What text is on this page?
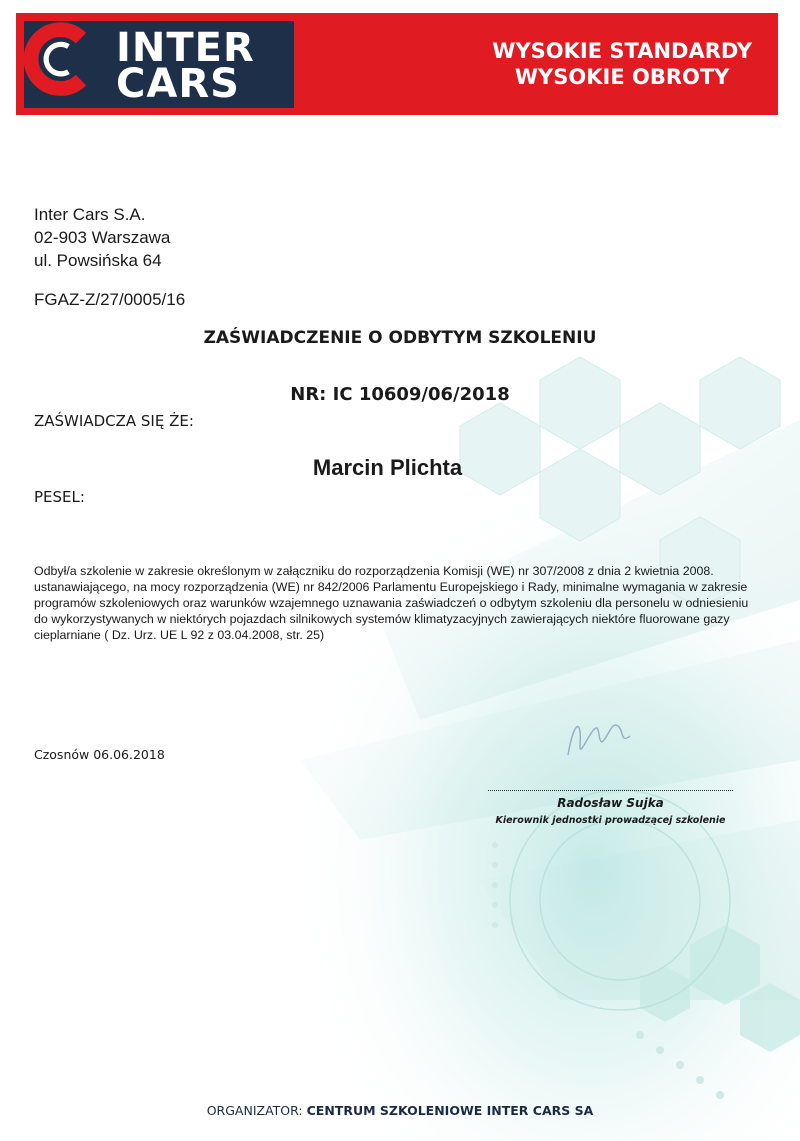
INTER
CARS
WYSOKIE STANDARDY
WYSOKIE OBROTY
Inter Cars S.A.
02-903 Warszawa
ul. Powsińska 64
FGAZ-Z/27/0005/16
ZAŚWIADCZENIE O ODBYTYM SZKOLENIU
NR: IC 10609/06/2018
ZAŚWIADCZA SIĘ ŻE:
Marcin Plichta
PESEL:
Odbył/a szkolenie w zakresie określonym w załączniku do rozporządzenia Komisji (WE) nr 307/2008 z dnia 2 kwietnia 2008. ustanawiającego, na mocy rozporządzenia (WE) nr 842/2006 Parlamentu Europejskiego i Rady, minimalne wymagania w zakresie programów szkoleniowych oraz warunków wzajemnego uznawania zaświadczeń o odbytym szkoleniu dla personelu w odniesieniu do wykorzystywanych w niektórych pojazdach silnikowych systemów klimatyzacyjnych zawierających niektóre fluorowane gazy cieplarniane ( Dz. Urz. UE L 92 z 03.04.2008, str. 25)
Czosnów 06.06.2018
Radosław Sujka
Kierownik jednostki prowadzącej szkolenie
ORGANIZATOR: CENTRUM SZKOLENIOWE INTER CARS SA
